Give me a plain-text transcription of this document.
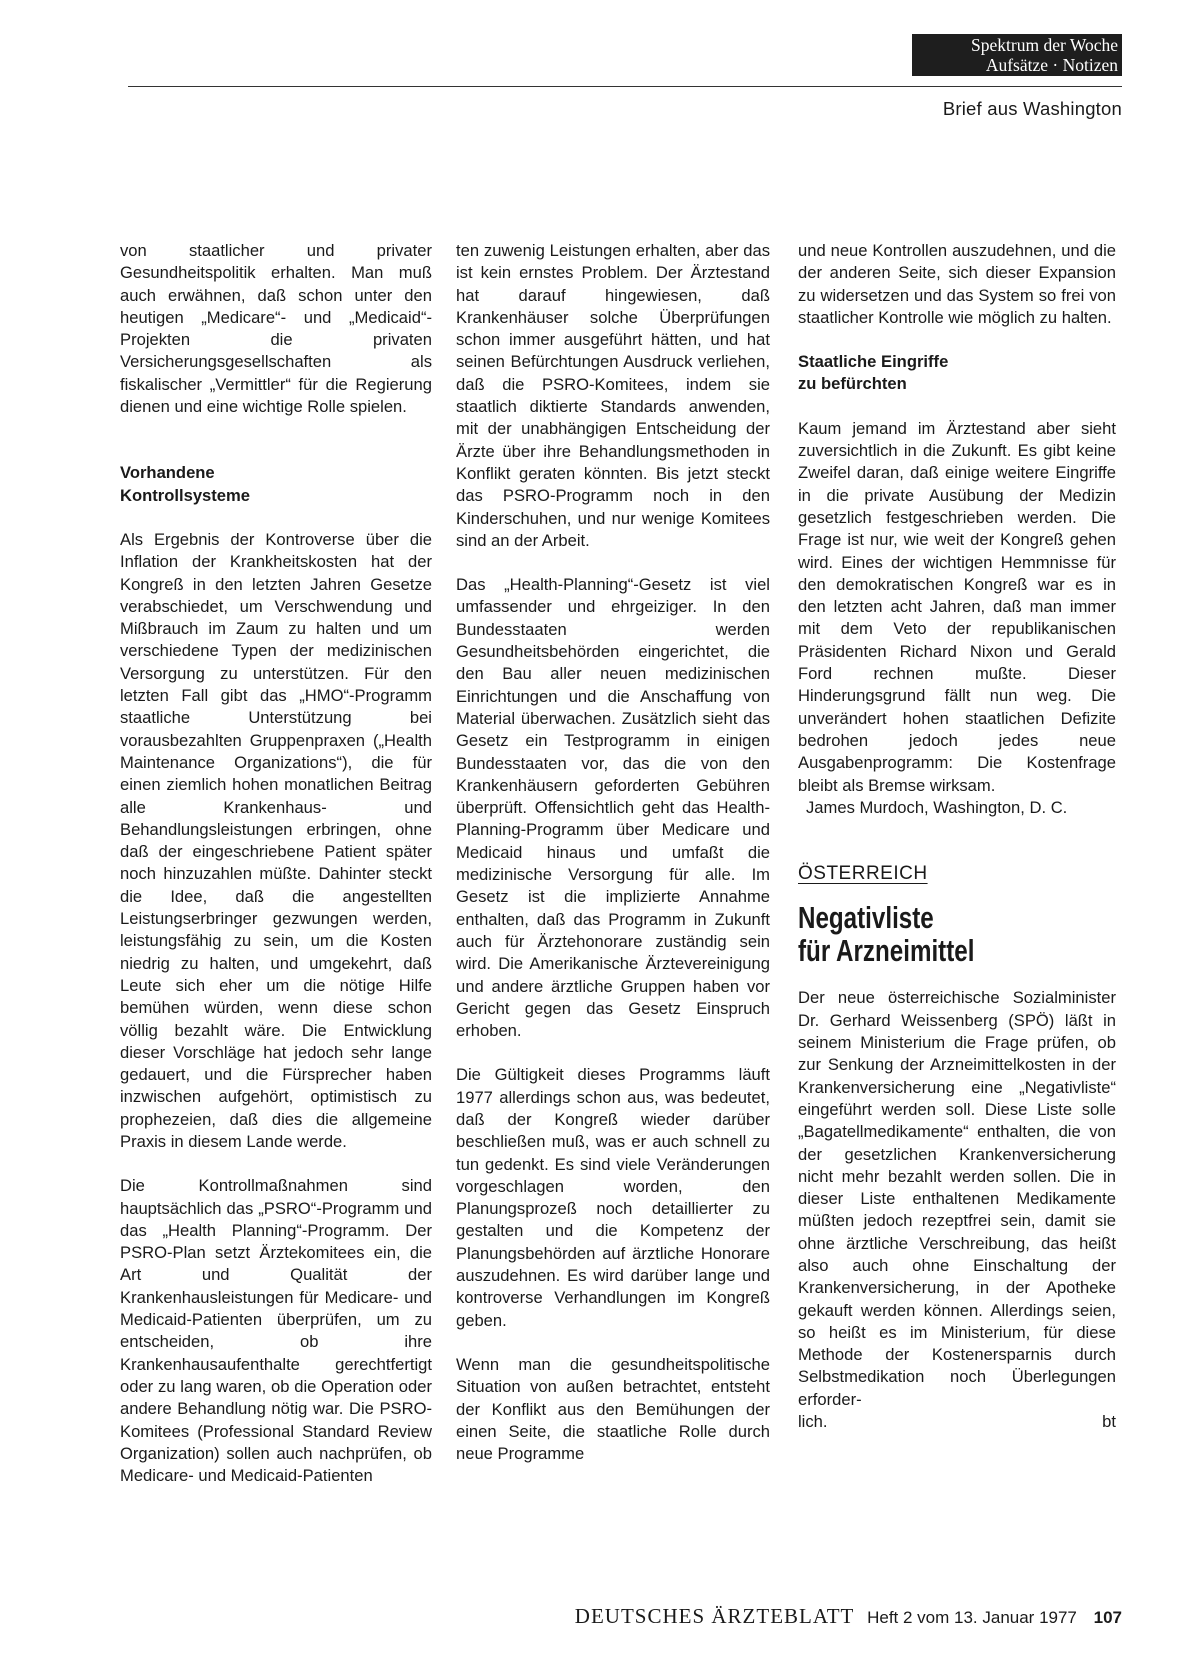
Spektrum der Woche
Aufsätze · Notizen
Brief aus Washington

von staatlicher und privater Gesundheitspolitik erhalten. Man muß auch erwähnen, daß schon unter den heutigen „Medicare“- und „Medicaid“-Projekten die privaten Versicherungsgesellschaften als fiskalischer „Vermittler“ für die Regierung dienen und eine wichtige Rolle spielen.

Vorhandene
Kontrollsysteme

Als Ergebnis der Kontroverse über die Inflation der Krankheitskosten hat der Kongreß in den letzten Jahren Gesetze verabschiedet, um Verschwendung und Mißbrauch im Zaum zu halten und um verschiedene Typen der medizinischen Versorgung zu unterstützen. Für den letzten Fall gibt das „HMO“-Programm staatliche Unterstützung bei vorausbezahlten Gruppenpraxen („Health Maintenance Organizations“), die für einen ziemlich hohen monatlichen Beitrag alle Krankenhaus- und Behandlungsleistungen erbringen, ohne daß der eingeschriebene Patient später noch hinzuzahlen müßte. Dahinter steckt die Idee, daß die angestellten Leistungserbringer gezwungen werden, leistungsfähig zu sein, um die Kosten niedrig zu halten, und umgekehrt, daß Leute sich eher um die nötige Hilfe bemühen würden, wenn diese schon völlig bezahlt wäre. Die Entwicklung dieser Vorschläge hat jedoch sehr lange gedauert, und die Fürsprecher haben inzwischen aufgehört, optimistisch zu prophezeien, daß dies die allgemeine Praxis in diesem Lande werde.

Die Kontrollmaßnahmen sind hauptsächlich das „PSRO“-Programm und das „Health Planning“-Programm. Der PSRO-Plan setzt Ärztekomitees ein, die Art und Qualität der Krankenhausleistungen für Medicare- und Medicaid-Patienten überprüfen, um zu entscheiden, ob ihre Krankenhausaufenthalte gerechtfertigt oder zu lang waren, ob die Operation oder andere Behandlung nötig war. Die PSRO-Komitees (Professional Standard Review Organization) sollen auch nachprüfen, ob Medicare- und Medicaid-Patienten

ten zuwenig Leistungen erhalten, aber das ist kein ernstes Problem. Der Ärztestand hat darauf hingewiesen, daß Krankenhäuser solche Überprüfungen schon immer ausgeführt hätten, und hat seinen Befürchtungen Ausdruck verliehen, daß die PSRO-Komitees, indem sie staatlich diktierte Standards anwenden, mit der unabhängigen Entscheidung der Ärzte über ihre Behandlungsmethoden in Konflikt geraten könnten. Bis jetzt steckt das PSRO-Programm noch in den Kinderschuhen, und nur wenige Komitees sind an der Arbeit.

Das „Health-Planning“-Gesetz ist viel umfassender und ehrgeiziger. In den Bundesstaaten werden Gesundheitsbehörden eingerichtet, die den Bau aller neuen medizinischen Einrichtungen und die Anschaffung von Material überwachen. Zusätzlich sieht das Gesetz ein Testprogramm in einigen Bundesstaaten vor, das die von den Krankenhäusern geforderten Gebühren überprüft. Offensichtlich geht das Health-Planning-Programm über Medicare und Medicaid hinaus und umfaßt die medizinische Versorgung für alle. Im Gesetz ist die implizierte Annahme enthalten, daß das Programm in Zukunft auch für Ärztehonorare zuständig sein wird. Die Amerikanische Ärztevereinigung und andere ärztliche Gruppen haben vor Gericht gegen das Gesetz Einspruch erhoben.

Die Gültigkeit dieses Programms läuft 1977 allerdings schon aus, was bedeutet, daß der Kongreß wieder darüber beschließen muß, was er auch schnell zu tun gedenkt. Es sind viele Veränderungen vorgeschlagen worden, den Planungsprozeß noch detaillierter zu gestalten und die Kompetenz der Planungsbehörden auf ärztliche Honorare auszudehnen. Es wird darüber lange und kontroverse Verhandlungen im Kongreß geben.

Wenn man die gesundheitspolitische Situation von außen betrachtet, entsteht der Konflikt aus den Bemühungen der einen Seite, die staatliche Rolle durch neue Programme

und neue Kontrollen auszudehnen, und die der anderen Seite, sich dieser Expansion zu widersetzen und das System so frei von staatlicher Kontrolle wie möglich zu halten.

Staatliche Eingriffe
zu befürchten

Kaum jemand im Ärztestand aber sieht zuversichtlich in die Zukunft. Es gibt keine Zweifel daran, daß einige weitere Eingriffe in die private Ausübung der Medizin gesetzlich festgeschrieben werden. Die Frage ist nur, wie weit der Kongreß gehen wird. Eines der wichtigen Hemmnisse für den demokratischen Kongreß war es in den letzten acht Jahren, daß man immer mit dem Veto der republikanischen Präsidenten Richard Nixon und Gerald Ford rechnen mußte. Dieser Hinderungsgrund fällt nun weg. Die unverändert hohen staatlichen Defizite bedrohen jedoch jedes neue Ausgabenprogramm: Die Kostenfrage bleibt als Bremse wirksam.

James Murdoch, Washington, D. C.

ÖSTERREICH
Negativliste
für Arzneimittel

Der neue österreichische Sozialminister Dr. Gerhard Weissenberg (SPÖ) läßt in seinem Ministerium die Frage prüfen, ob zur Senkung der Arzneimittelkosten in der Krankenversicherung eine „Negativliste“ eingeführt werden soll. Diese Liste solle „Bagatellmedikamente“ enthalten, die von der gesetzlichen Krankenversicherung nicht mehr bezahlt werden sollen. Die in dieser Liste enthaltenen Medikamente müßten jedoch rezeptfrei sein, damit sie ohne ärztliche Verschreibung, das heißt also auch ohne Einschaltung der Krankenversicherung, in der Apotheke gekauft werden können. Allerdings seien, so heißt es im Ministerium, für diese Methode der Kostenersparnis durch Selbstmedikation noch Überlegungen erforder-

lich.	bt
DEUTSCHES ÄRZTEBLATT Heft 2 vom 13. Januar 1977 107
